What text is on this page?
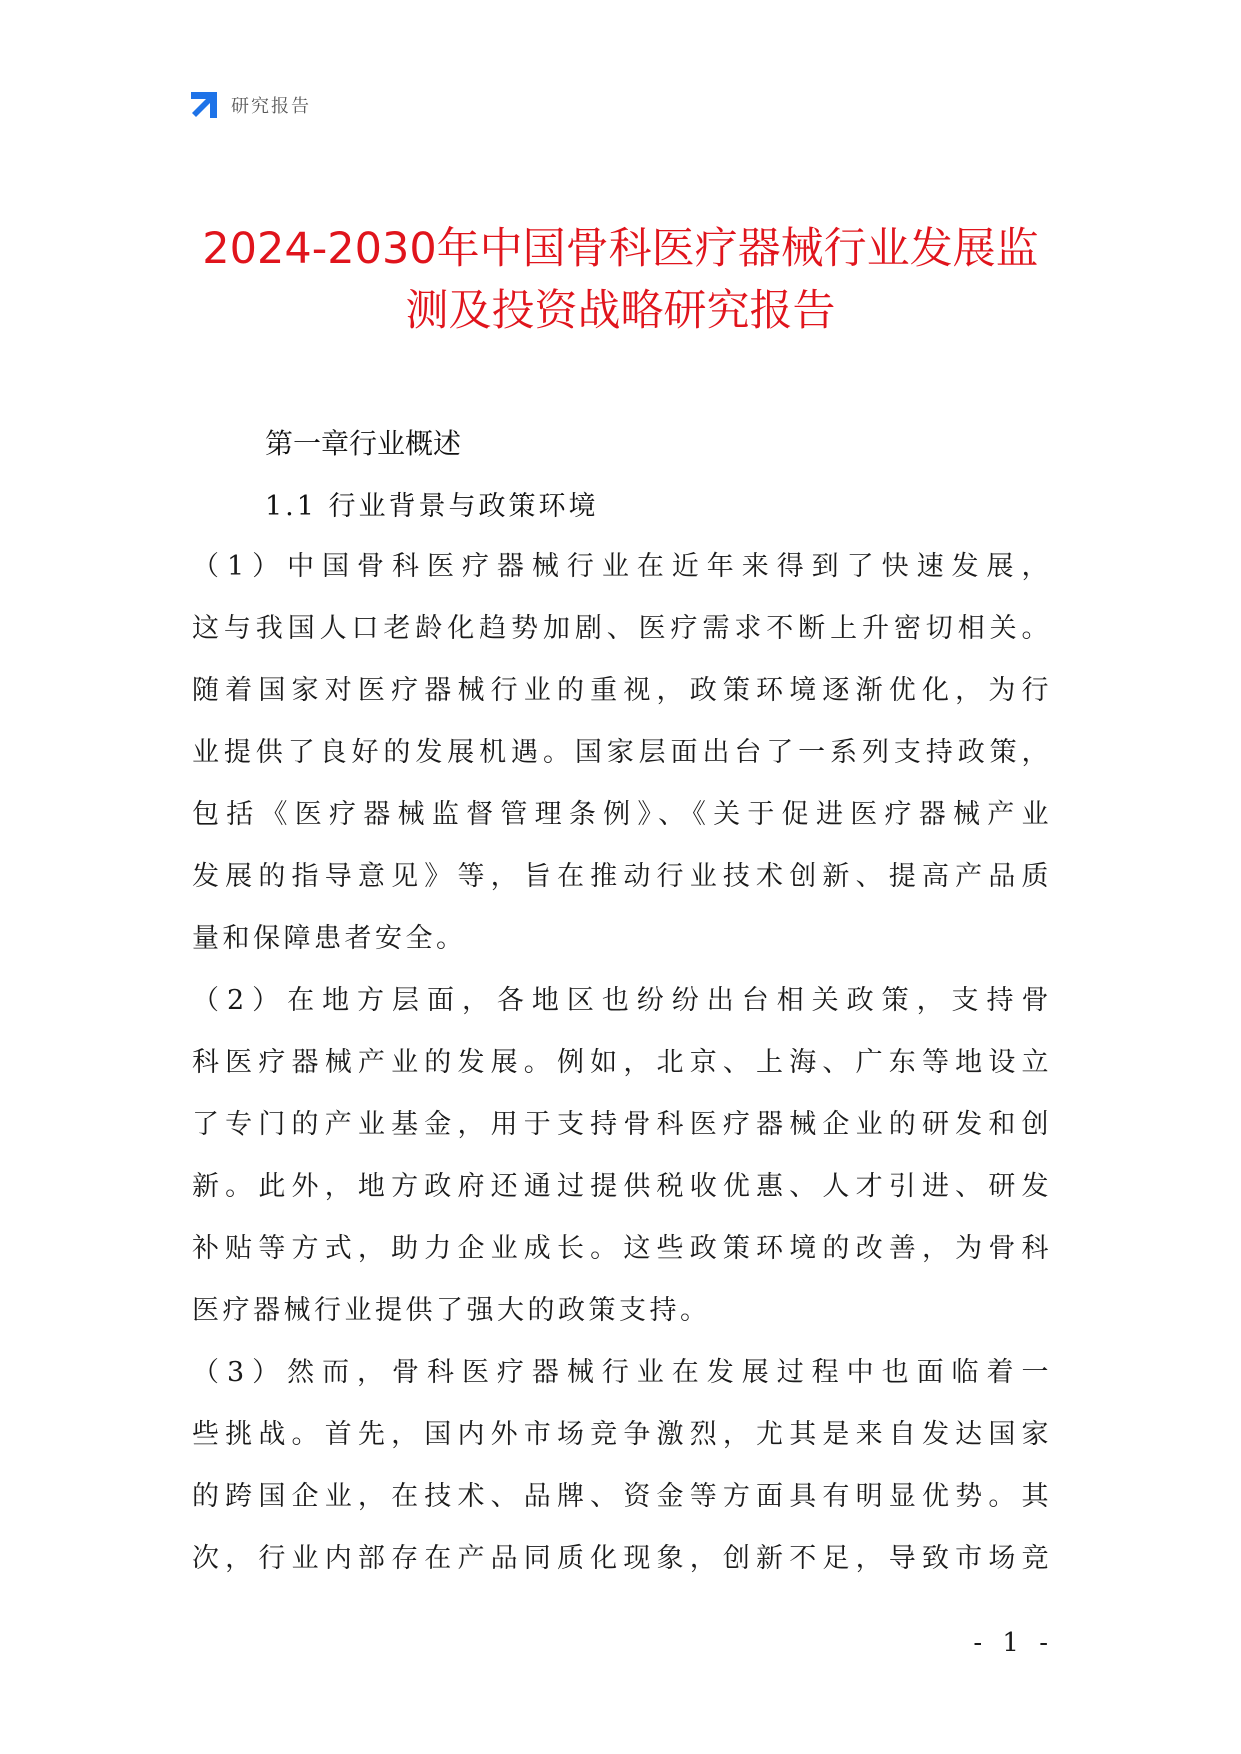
研究报告
2024-2030年中国骨科医疗器械行业发展监
测及投资战略研究报告
第一章行业概述
1.1 行业背景与政策环境
（1）中国骨科医疗器械行业在近年来得到了快速发展，
这与我国人口老龄化趋势加剧、医疗需求不断上升密切相关。
随着国家对医疗器械行业的重视，政策环境逐渐优化，为行
业提供了良好的发展机遇。国家层面出台了一系列支持政策，
包括《医疗器械监督管理条例》、《关于促进医疗器械产业
发展的指导意见》等，旨在推动行业技术创新、提高产品质
量和保障患者安全。
（2）在地方层面，各地区也纷纷出台相关政策，支持骨
科医疗器械产业的发展。例如，北京、上海、广东等地设立
了专门的产业基金，用于支持骨科医疗器械企业的研发和创
新。此外，地方政府还通过提供税收优惠、人才引进、研发
补贴等方式，助力企业成长。这些政策环境的改善，为骨科
医疗器械行业提供了强大的政策支持。
（3）然而，骨科医疗器械行业在发展过程中也面临着一
些挑战。首先，国内外市场竞争激烈，尤其是来自发达国家
的跨国企业，在技术、品牌、资金等方面具有明显优势。其
次，行业内部存在产品同质化现象，创新不足，导致市场竞
- 1 -
